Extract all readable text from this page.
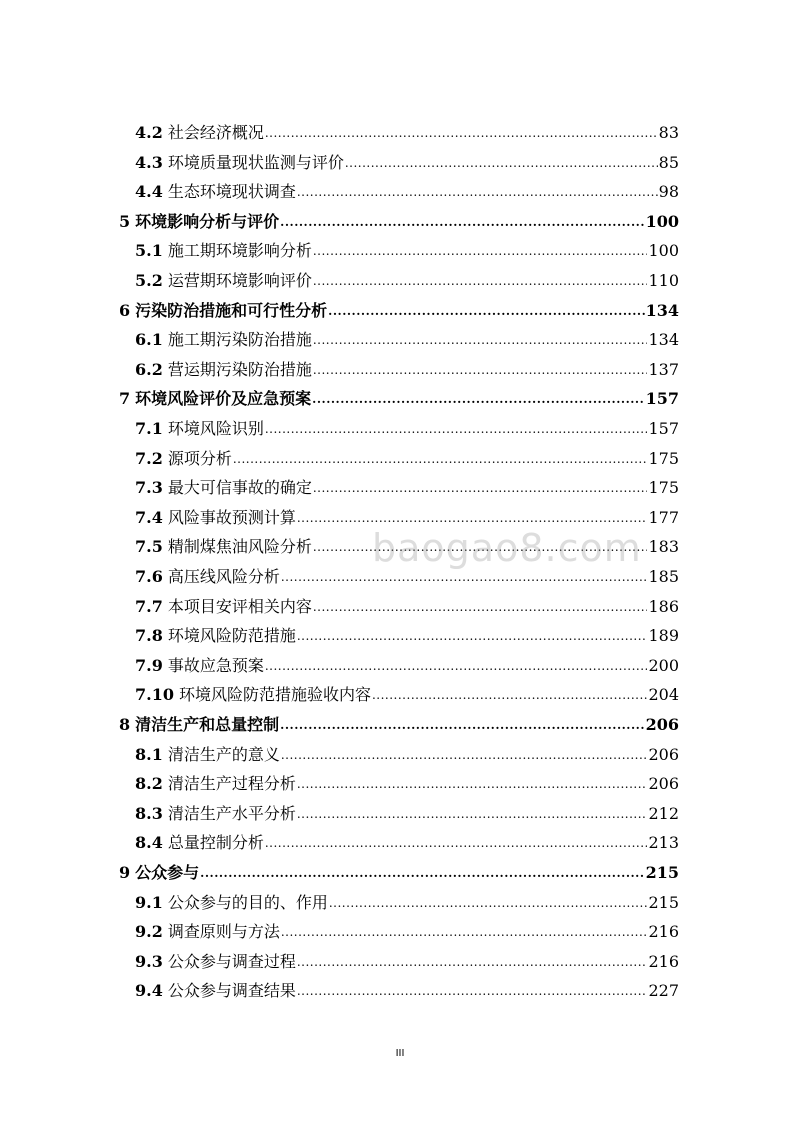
4.2 社会经济概况 .....	83
4.3 环境质量现状监测与评价 .....	85
4.4 生态环境现状调查 .....	98
5 环境影响分析与评价 .....	100
5.1 施工期环境影响分析 .....	100
5.2 运营期环境影响评价 .....	110
6 污染防治措施和可行性分析 .....	134
6.1 施工期污染防治措施 .....	134
6.2 营运期污染防治措施 .....	137
7 环境风险评价及应急预案 .....	157
7.1 环境风险识别 .....	157
7.2 源项分析 .....	175
7.3 最大可信事故的确定 .....	175
7.4 风险事故预测计算 .....	177
7.5 精制煤焦油风险分析 .....	183
7.6 高压线风险分析 .....	185
7.7 本项目安评相关内容 .....	186
7.8 环境风险防范措施 .....	189
7.9 事故应急预案 .....	200
7.10 环境风险防范措施验收内容 .....	204
8 清洁生产和总量控制 .....	206
8.1 清洁生产的意义 .....	206
8.2 清洁生产过程分析 .....	206
8.3 清洁生产水平分析 .....	212
8.4 总量控制分析 .....	213
9 公众参与 .....	215
9.1 公众参与的目的、作用 .....	215
9.2 调查原则与方法 .....	216
9.3 公众参与调查过程 .....	216
9.4 公众参与调查结果 .....	227
baogao8.com
III
